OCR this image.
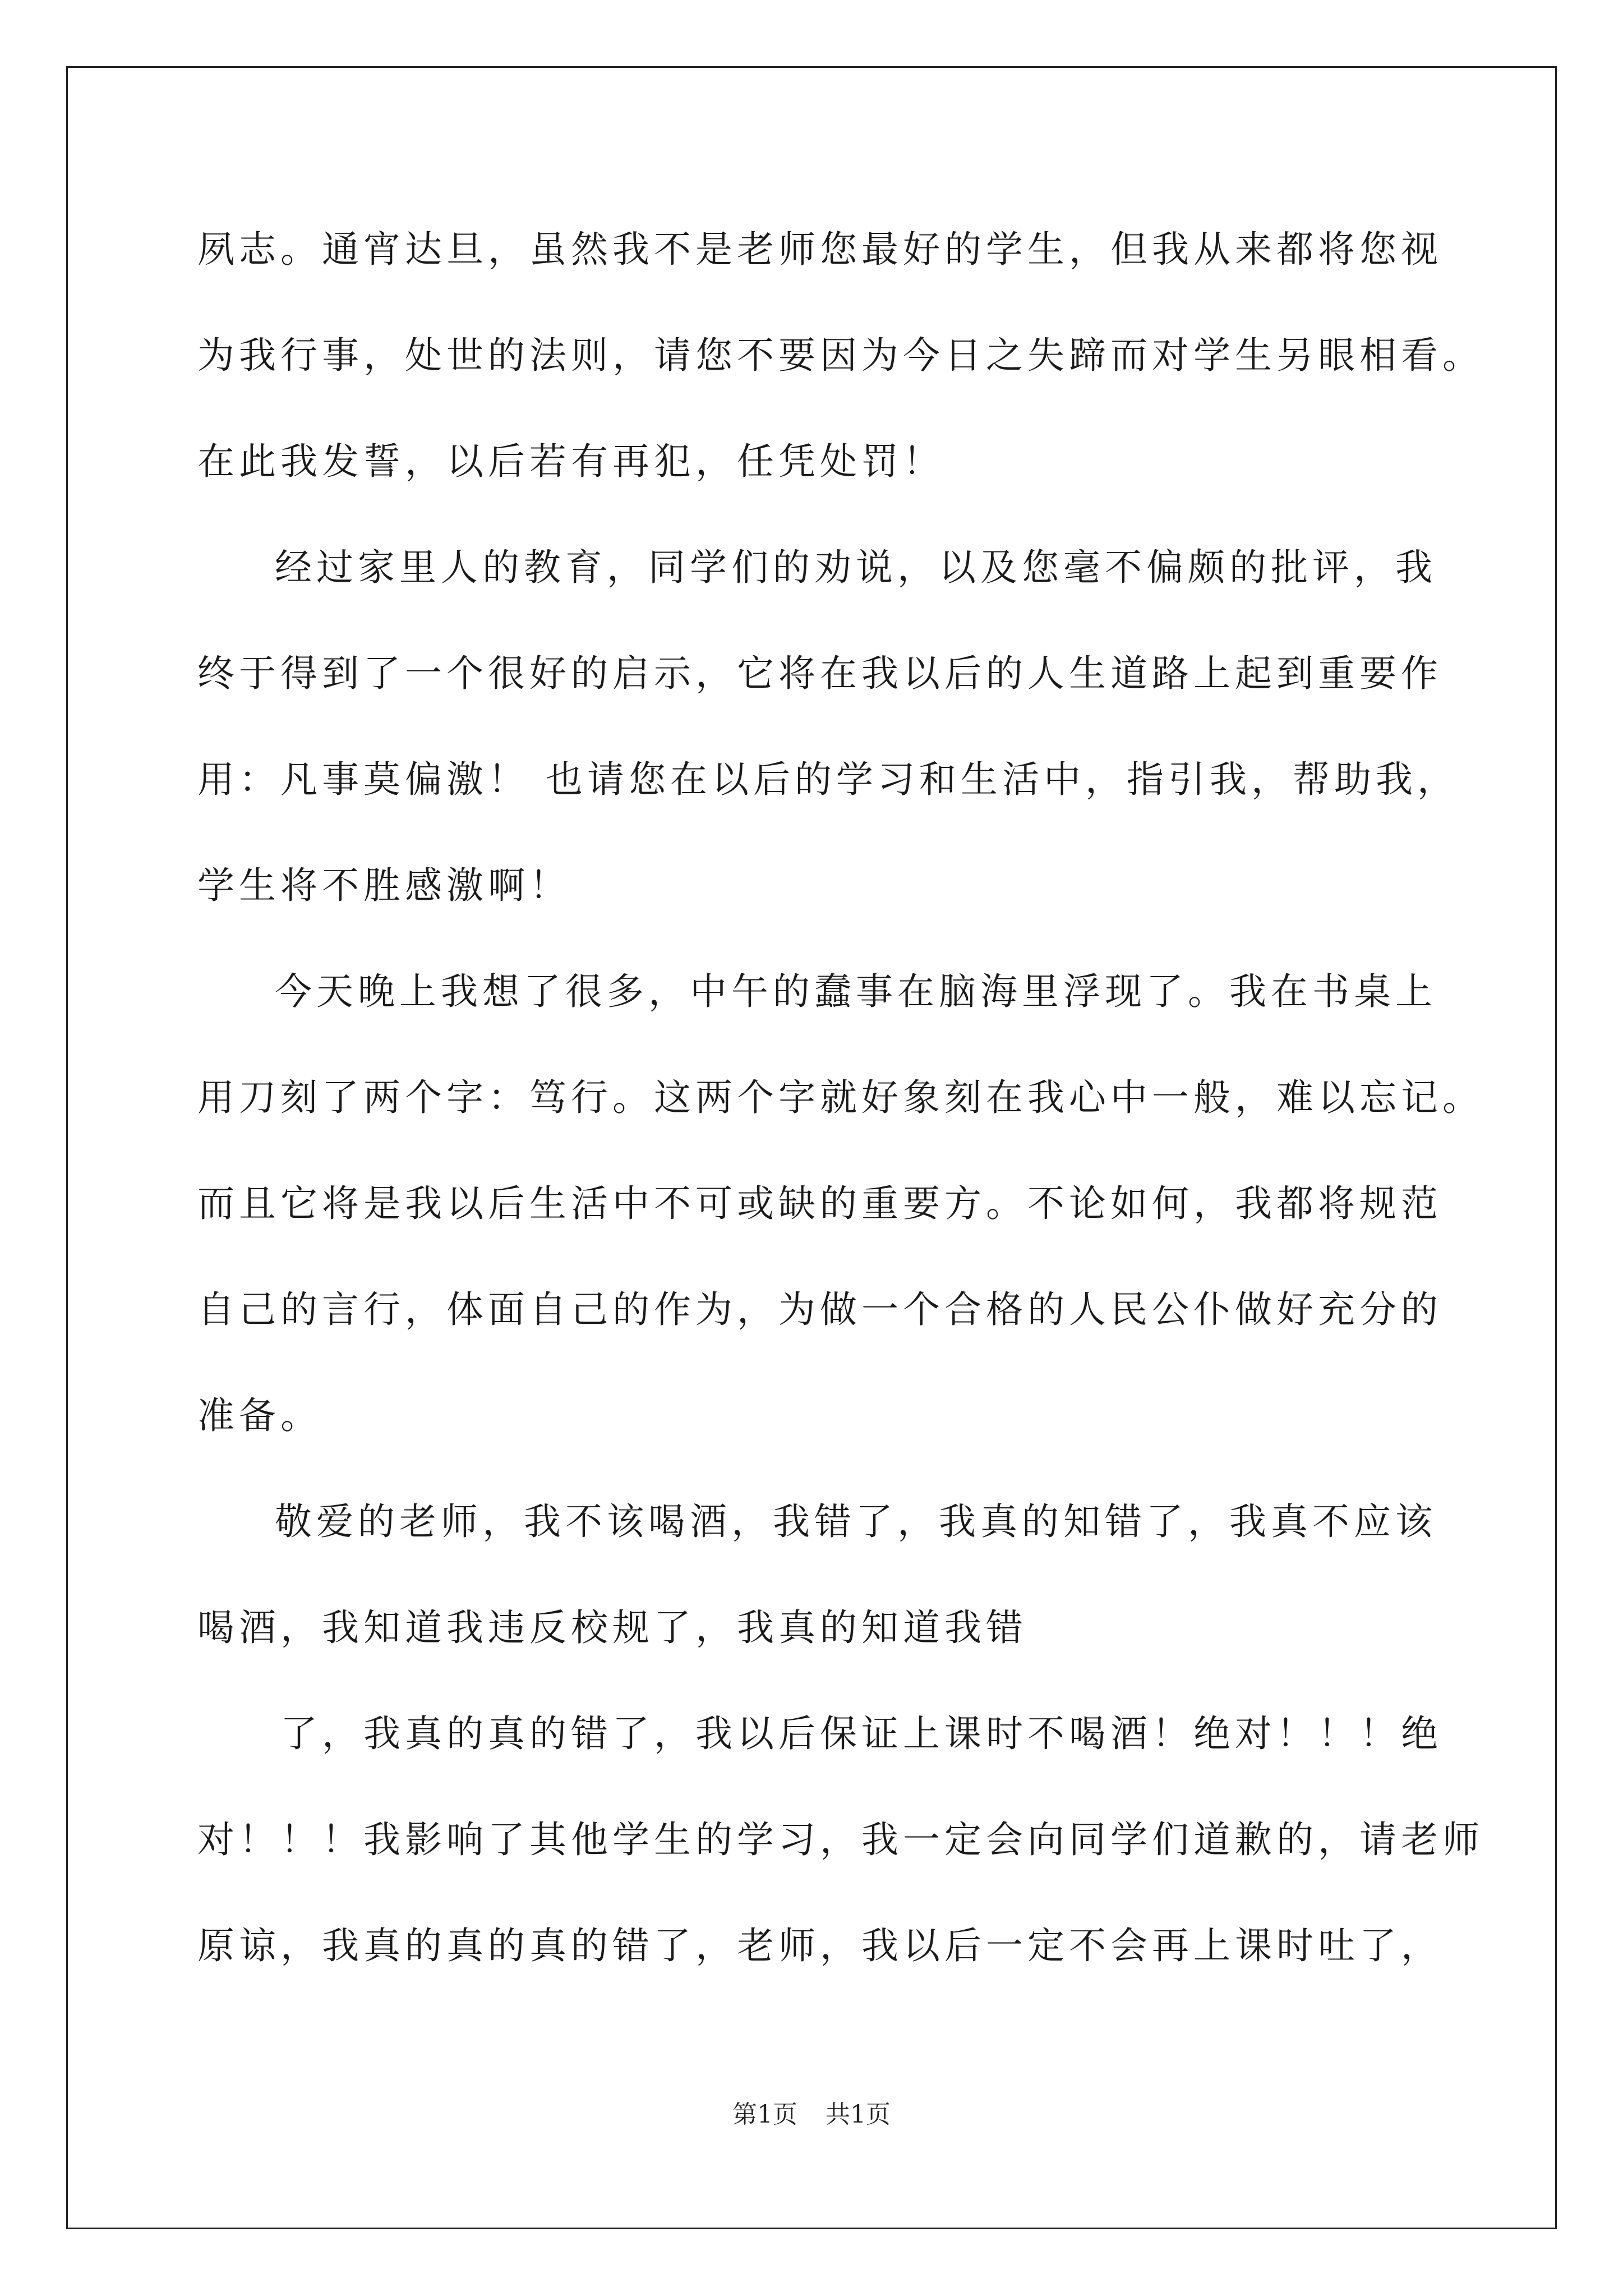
夙志。通宵达旦，虽然我不是老师您最好的学生，但我从来都将您视
为我行事，处世的法则，请您不要因为今日之失蹄而对学生另眼相看。
在此我发誓，以后若有再犯，任凭处罚！
经过家里人的教育，同学们的劝说，以及您毫不偏颇的批评，我
终于得到了一个很好的启示，它将在我以后的人生道路上起到重要作
用：凡事莫偏激！ 也请您在以后的学习和生活中，指引我，帮助我，
学生将不胜感激啊！
今天晚上我想了很多，中午的蠢事在脑海里浮现了。我在书桌上
用刀刻了两个字：笃行。这两个字就好象刻在我心中一般，难以忘记。
而且它将是我以后生活中不可或缺的重要方。不论如何，我都将规范
自己的言行，体面自己的作为，为做一个合格的人民公仆做好充分的
准备。
敬爱的老师，我不该喝酒，我错了，我真的知错了，我真不应该
喝酒，我知道我违反校规了，我真的知道我错
了，我真的真的错了，我以后保证上课时不喝酒！绝对！！！绝
对！！！我影响了其他学生的学习，我一定会向同学们道歉的，请老师
原谅，我真的真的真的错了，老师，我以后一定不会再上课时吐了，
第1页 共1页
